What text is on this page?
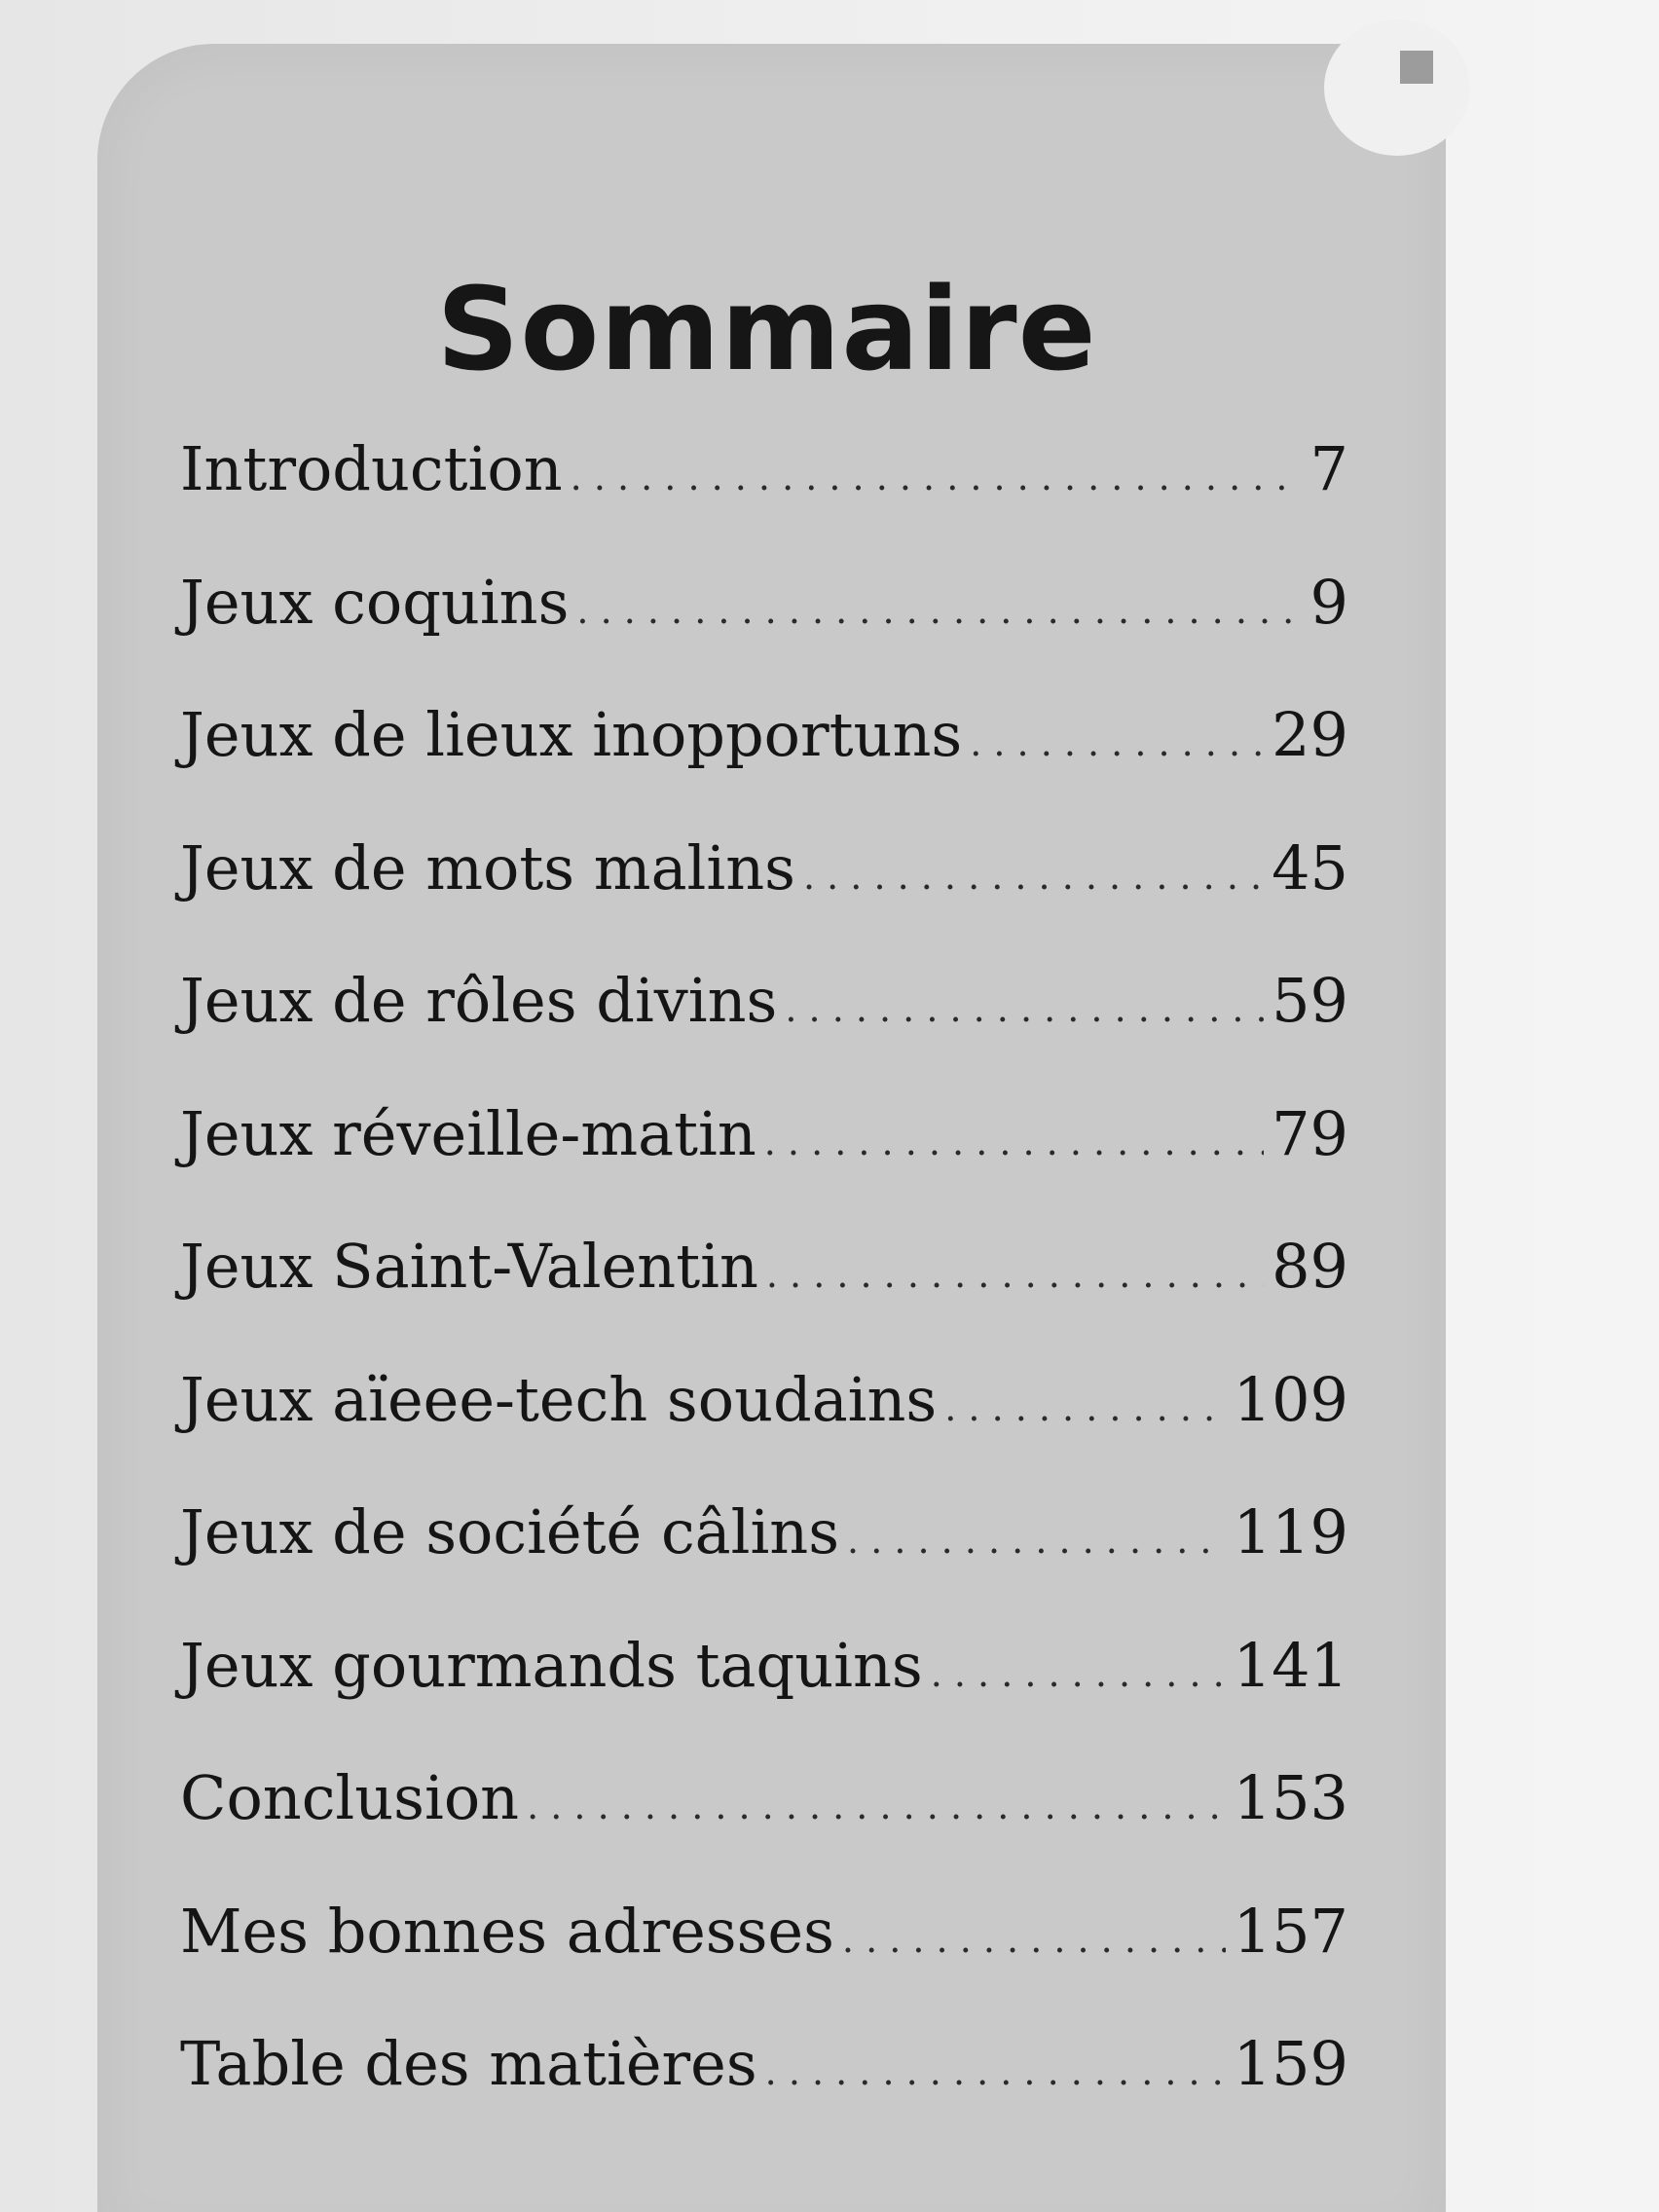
Sommaire
Introduction . . .	7
Jeux coquins . . .	9
Jeux de lieux inopportuns . . .	29
Jeux de mots malins . . .	45
Jeux de rôles divins . . .	59
Jeux réveille-matin . . .	79
Jeux Saint-Valentin . . .	89
Jeux aïeee-tech soudains . . .	109
Jeux de société câlins . . .	119
Jeux gourmands taquins . . .	141
Conclusion . . .	153
Mes bonnes adresses . . .	157
Table des matières . . .	159
